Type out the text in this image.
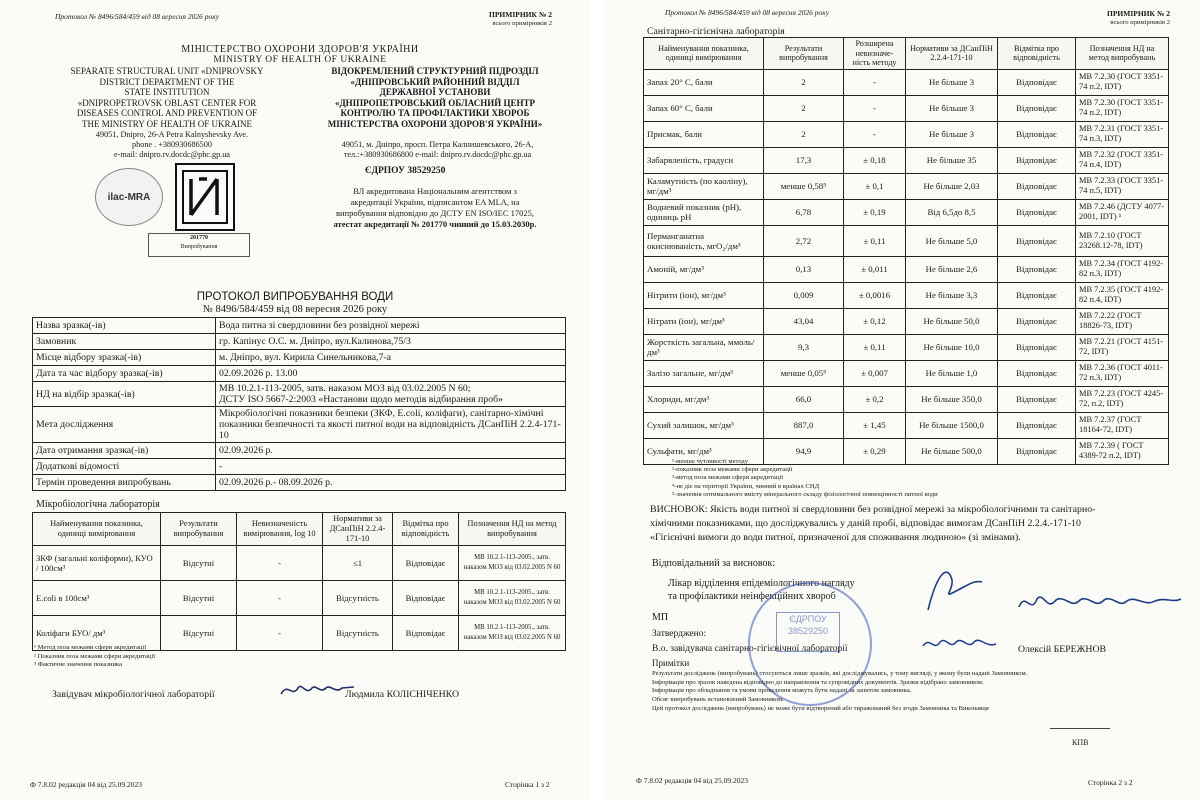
Протокол № 8496/584/459 від 08 вересня 2026 року	ПРИМІРНИК № 2
всього примірників 2
МІНІСТЕРСТВО ОХОРОНИ ЗДОРОВ'Я УКРАЇНИ
MINISTRY OF HEALTH OF UKRAINE
SEPARATE STRUCTURAL UNIT «DNIPROVSKY
DISTRICT DEPARTMENT OF THE
STATE INSTITUTION
«DNIPROPETROVSK OBLAST CENTER FOR
DISEASES CONTROL AND PREVENTION OF
THE MINISTRY OF HEALTH OF UKRAINE
ВІДОКРЕМЛЕНИЙ СТРУКТУРНИЙ ПІДРОЗДІЛ
«ДНІПРОВСЬКИЙ РАЙОННИЙ ВІДДІЛ
ДЕРЖАВНОЇ УСТАНОВИ
«ДНІПРОПЕТРОВСЬКИЙ ОБЛАСНИЙ ЦЕНТР
КОНТРОЛЮ ТА ПРОФІЛАКТИКИ ХВОРОБ
МІНІСТЕРСТВА ОХОРОНИ ЗДОРОВ'Я УКРАЇНИ»
49051, Dnipro, 26-A Petra Kalnyshevsky Ave.
phone . +380930686500
e-mail: dnipro.rv.docdc@phc.gp.ua
49051, м. Дніпро, просп. Петра Калнишевського, 26-А,
тел.:+380930686800 e-mail: dnipro.rv.docdc@phc.gp.ua
ilac-MRA
201770
Випробування
ЄДРПОУ 38529250
ВЛ акредитована Національним агентством з
акредитації України, підписантом EA MLA, на
випробування відповідно до ДСТУ EN ISO/IEC 17025,
атестат акредитації № 201770 чинний до 15.03.2030р.
ПРОТОКОЛ ВИПРОБУВАННЯ ВОДИ
№ 8496/584/459 від 08 вересня 2026 року
Назва зразка(-ів)	Вода питна зі свердловини без розвідної мережі
Замовник	гр. Капінус О.С. м. Дніпро, вул.Калинова,75/3
Місце відбору зразка(-ів)	м. Дніпро, вул. Кирила Синельникова,7-а
Дата та час відбору зразка(-ів)	02.09.2026 р. 13.00
НД на відбір зразка(-ів)	МВ 10.2.1-113-2005, затв. наказом МОЗ від 03.02.2005 N 60;
ДСТУ ISO 5667-2:2003 «Настанови щодо методів відбирання проб»
Мета дослідження	Мікробіологічні показники безпеки (ЗКФ, E.coli, коліфаги), санітарно-хімічні показники безпечності та якості питної води на відповідність ДСанПіН 2.2.4-171-10
Дата отримання зразка(-ів)	02.09.2026 р.
Додаткові відомості	-
Термін проведення випробувань	02.09.2026 р.- 08.09.2026 р.
Мікробіологічна лабораторія
Найменування показника, одиниці вимірювання	Результати випробування	Невизначеність вимірювання, log 10	Нормативи за ДСанПіН 2.2.4-171-10	Відмітка про відповідність	Позначення НД на метод випробування
ЗКФ (загальні коліформи), КУО / 100см³	Відсутні	-	≤1	Відповідає	МВ 10.2.1-113-2005., затв. наказом МОЗ від 03.02.2005 N 60
E.coli в 100см³	Відсутні	-	Відсутність	Відповідає	МВ 10.2.1-113-2005., затв. наказом МОЗ від 03.02.2005 N 60
Коліфаги БУО/ дм³	Відсутні	-	Відсутність	Відповідає	МВ 10.2.1-113-2005., затв. наказом МОЗ від 03.02.2005 N 60
¹ Метод поза межами сфери акредитації
² Показник поза межами сфери акредитації
³ Фактичне значення показника
Завідувач мікробіологічної лабораторії	Людмила КОЛІСНІЧЕНКО
Ф 7.8.02 редакція 04 від 25.09.2023	Сторінка 1 з 2
Протокол № 8496/584/459 від 08 вересня 2026 року	ПРИМІРНИК № 2
всього примірників 2
Санітарно-гігієнічна лабораторія
Найменування показника, одиниці вимірювання	Результати випробування	Розширена невизначе-ність методу	Нормативи за ДСанПіН 2.2.4-171-10	Відмітка про відповідність	Позначення НД на метод випробувань
Запах 20° С, бали	2	-	Не більше 3	Відповідає	МВ 7.2.30 (ГОСТ 3351-74 п.2, IDT)
Запах 60° С, бали	2	-	Не більше 3	Відповідає	МВ 7.2.30 (ГОСТ 3351-74 п.2, IDT)
Присмак, бали	2	-	Не більше 3	Відповідає	МВ 7.2.31 (ГОСТ 3351-74 п.3, IDT)
Забарвленість, градуси	17,3	± 0,18	Не більше 35	Відповідає	МВ 7.2.32 (ГОСТ 3351-74 п.4, IDT)
Каламутність (по каоліну), мг/дм³	менше 0,58⁵	± 0,1	Не більше 2,03	Відповідає	МВ 7.2.33 (ГОСТ 3351-74 п.5, IDT)
Водневий показник (рН), одиниць рН	6,78	± 0,19	Від 6,5до 8,5	Відповідає	МВ 7.2.46 (ДСТУ 4077-2001, IDT) ¹
Перманганатна окиснюваність, мгО₂/дм³	2,72	± 0,11	Не більше 5,0	Відповідає	МВ 7.2.10 (ГОСТ 23268.12-78, IDT)
Амоній, мг/дм³	0,13	± 0,011	Не більше 2,6	Відповідає	МВ 7.2.34 (ГОСТ 4192-82 п.3, IDT)
Нітрити (іон), мг/дм³	0,009	± 0,0016	Не більше 3,3	Відповідає	МВ 7.2.35 (ГОСТ 4192-82 п.4, IDT)
Нітрати (іон), мг/дм³	43,04	± 0,12	Не більше 50,0	Відповідає	МВ 7.2.22 (ГОСТ 18826-73, IDT)
Жорсткість загальна, ммоль/ дм³	9,3	± 0,11	Не більше 10,0	Відповідає	МВ 7.2.21 (ГОСТ 4151-72, IDT)
Залізо загальне, мг/дм³	менше 0,05⁵	± 0,007	Не більше 1,0	Відповідає	МВ 7.2.36 (ГОСТ 4011-72 п.3, IDT)
Хлориди, мг/дм³	66,0	± 0,2	Не більше 350,0	Відповідає	МВ 7.2.23 (ГОСТ 4245-72, п.2, IDT)
Сухий залишок, мг/дм³	887,0	± 1,45	Не більше 1500,0	Відповідає	МВ 7.2.37 (ГОСТ 18164-72, IDT)
Сульфати, мг/дм³	94,9	± 0,29	Не більше 500,0	Відповідає	МВ 7.2.39 ( ГОСТ 4389-72 п.2, IDT)
¹-менше чутливості методу
²-показник поза межами сфери акредитації
³-метод поза межами сфери акредитації
⁴-не діє на території України, чинний в країнах СНД
⁵-значення оптимального вмісту мінерального складу фізіологічної повноцінності питної води
ВИСНОВОК: Якість води питної зі свердловини без розвідної мережі за мікробіологічними та санітарно-
хімічними показниками, що досліджувались у даній пробі, відповідає вимогам ДСанПіН 2.2.4.-171-10
«Гігієнічні вимоги до води питної, призначеної для споживання людиною» (зі змінами).
Відповідальний за висновок:
Лікар відділення епідеміологічного нагляду
та профілактики неінфекційних хвороб
ЄДРПОУ
38529250
МП
Затверджено:
В.о. завідувача санітарно-гігієнічної лабораторії	Олексій БЕРЕЖНОВ
Примітки
Результати досліджень (випробувань) стосуються лише зразків, які досліджувались, у тому вигляді, у якому були надані Замовником.
Інформація про зразок наведена відповідно до направлення та супровідних документів. Зразки відібрано замовником.
Інформація про обладнання та умови проведення можуть бути надані за запитом замовника.
Обсяг випробувань встановлений Замовником.
Цей протокол досліджень (випробувань) не може бути відтворений або тиражований без згоди Замовника та Виконавця
КПВ
Ф 7.8.02 редакція 04 від 25.09.2023	Сторінка 2 з 2
